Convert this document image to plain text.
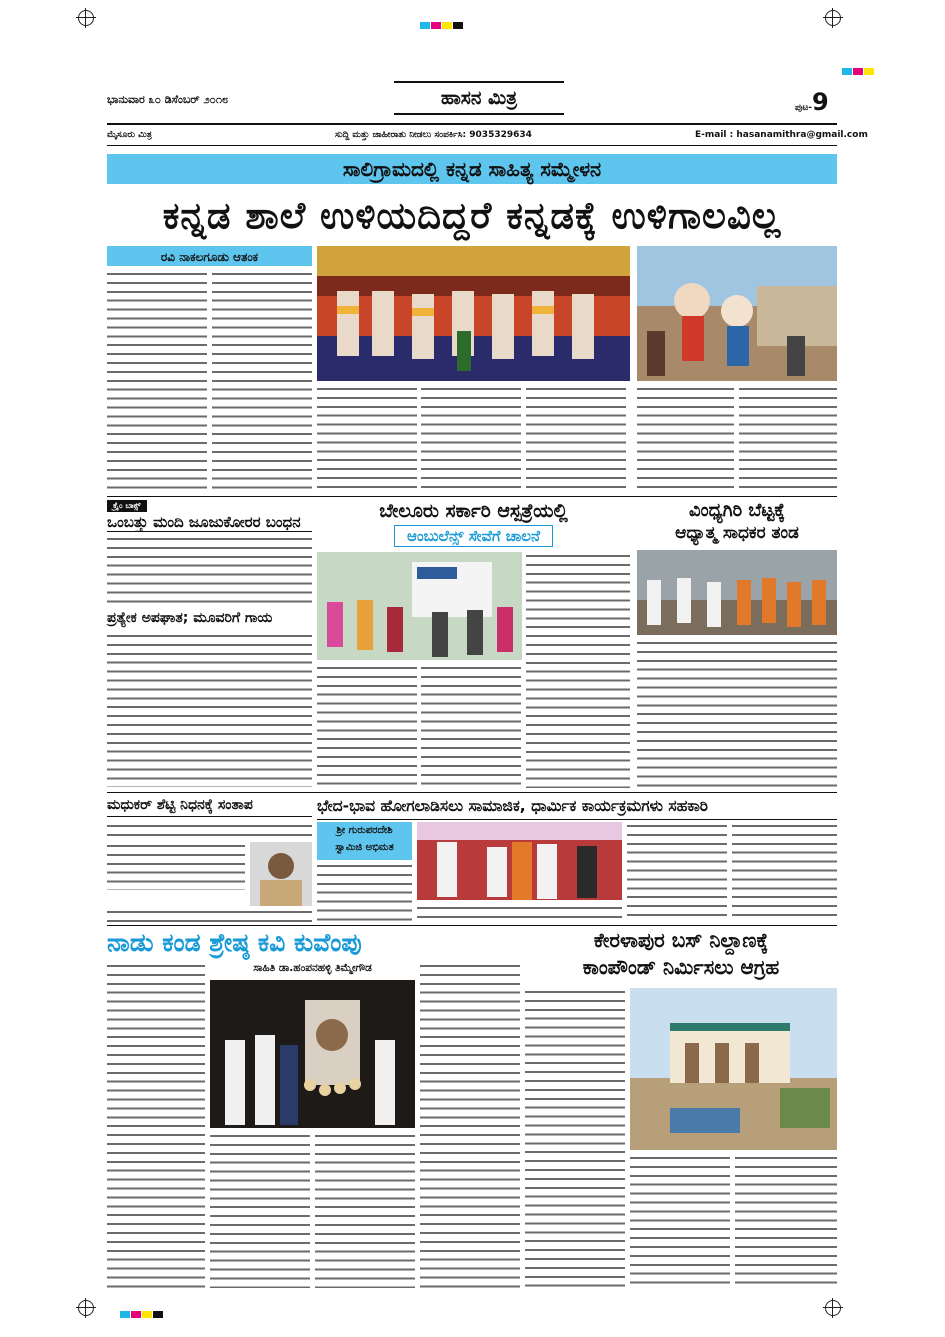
ಭಾನುವಾರ ೩೦ ಡಿಸೆಂಬರ್ ೨೦೧೮	ಹಾಸನ ಮಿತ್ರ	ಪುಟ-9
ಮೈಸೂರು ಮಿತ್ರ	ಸುದ್ದಿ ಮತ್ತು ಜಾಹೀರಾತು ನೀಡಲು ಸಂಪರ್ಕಿಸಿ: 9035329634	E-mail : hasanamithra@gmail.com
ಸಾಲಿಗ್ರಾಮದಲ್ಲಿ ಕನ್ನಡ ಸಾಹಿತ್ಯ ಸಮ್ಮೇಳನ
ಕನ್ನಡ ಶಾಲೆ ಉಳಿಯದಿದ್ದರೆ ಕನ್ನಡಕ್ಕೆ ಉಳಿಗಾಲವಿಲ್ಲ
ರವಿ ನಾಕಲಗೂಡು ಆತಂಕ
ಕ್ರೈಂ ಬಾಕ್ಸ್
ಒಂಬತ್ತು ಮಂದಿ ಜೂಜುಕೋರರ ಬಂಧನ
ಪ್ರತ್ಯೇಕ ಅಪಘಾತ; ಮೂವರಿಗೆ ಗಾಯ
ಬೇಲೂರು ಸರ್ಕಾರಿ ಆಸ್ಪತ್ರೆಯಲ್ಲಿ
ಆಂಬುಲೆನ್ಸ್ ಸೇವೆಗೆ ಚಾಲನೆ
ವಿಂಧ್ಯಗಿರಿ ಬೆಟ್ಟಕ್ಕೆ
ಆಧ್ಯಾತ್ಮ ಸಾಧಕರ ತಂಡ
ಮಧುಕರ್ ಶೆಟ್ಟಿ ನಿಧನಕ್ಕೆ ಸಂತಾಪ	ಭೇದ-ಭಾವ ಹೋಗಲಾಡಿಸಲು ಸಾಮಾಜಿಕ, ಧಾರ್ಮಿಕ ಕಾರ್ಯಕ್ರಮಗಳು ಸಹಕಾರಿ
ಶ್ರೀ ಗುರುಪರದೇಶಿ
ಸ್ವಾಮಿಜಿ ಅಭಿಮತ
ನಾಡು ಕಂಡ ಶ್ರೇಷ್ಠ ಕವಿ ಕುವೆಂಪು
ಸಾಹಿತಿ ಡಾ.ಹಂಪನಹಳ್ಳಿ ತಿಮ್ಮೇಗೌಡ
ಕೇರಳಾಪುರ ಬಸ್ ನಿಲ್ದಾಣಕ್ಕೆ
ಕಾಂಪೌಂಡ್ ನಿರ್ಮಿಸಲು ಆಗ್ರಹ
